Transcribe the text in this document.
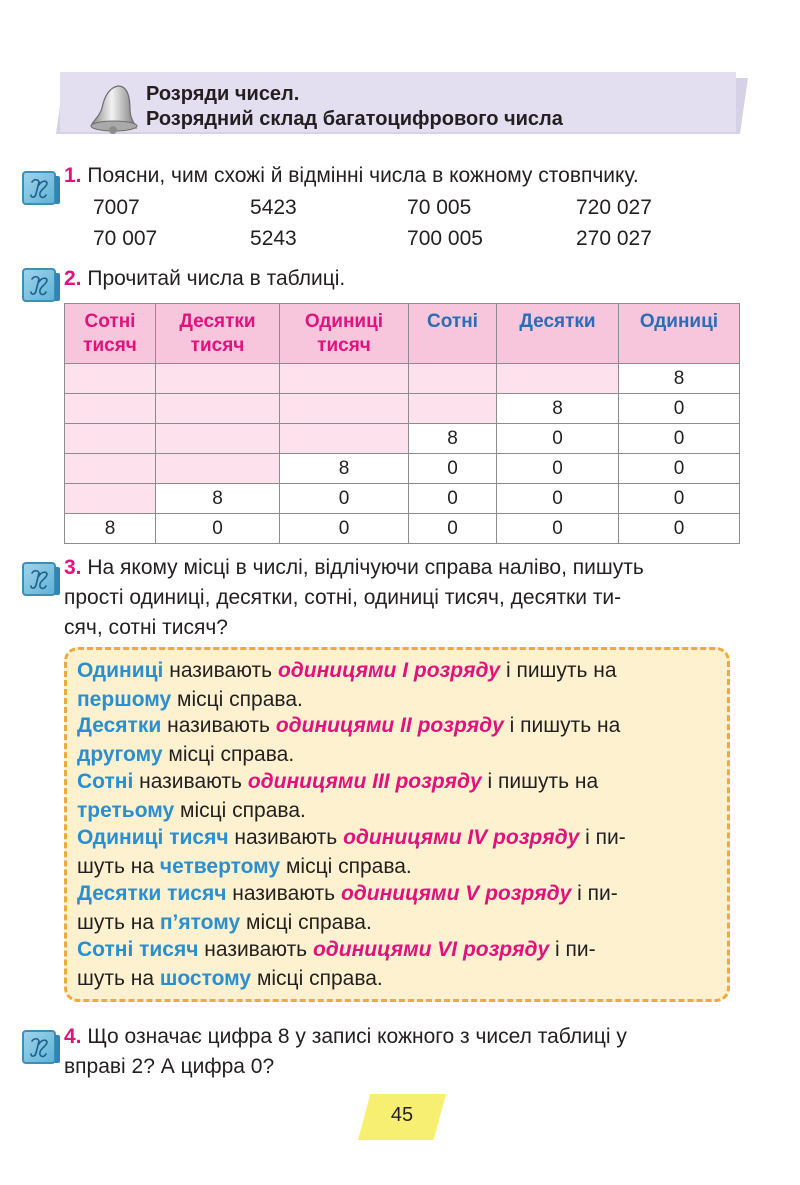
Розряди чисел.
Розрядний склад багатоцифрового числа
1. Поясни, чим схожі й відмінні числа в кожному стовпчику.
7007	5423	70 005	720 027
70 007	5243	700 005	270 027
2. Прочитай числа в таблиці.
Сотні тисяч	Десятки тисяч	Одиниці тисяч	Сотні	Десятки	Одиниці
					8
				8	0
			8	0	0
		8	0	0	0
	8	0	0	0	0
8	0	0	0	0	0
3. На якому місці в числі, відлічуючи справа наліво, пишуть
прості одиниці, десятки, сотні, одиниці тисяч, десятки ти-
сяч, сотні тисяч?
Одиниці називають одиницями I розряду і пишуть на
першому місці справа.
Десятки називають одиницями II розряду і пишуть на
другому місці справа.
Сотні називають одиницями III розряду і пишуть на
третьому місці справа.
Одиниці тисяч називають одиницями IV розряду і пи-
шуть на четвертому місці справа.
Десятки тисяч називають одиницями V розряду і пи-
шуть на п’ятому місці справа.
Сотні тисяч називають одиницями VI розряду і пи-
шуть на шостому місці справа.
4. Що означає цифра 8 у записі кожного з чисел таблиці у
вправі 2? А цифра 0?
45
